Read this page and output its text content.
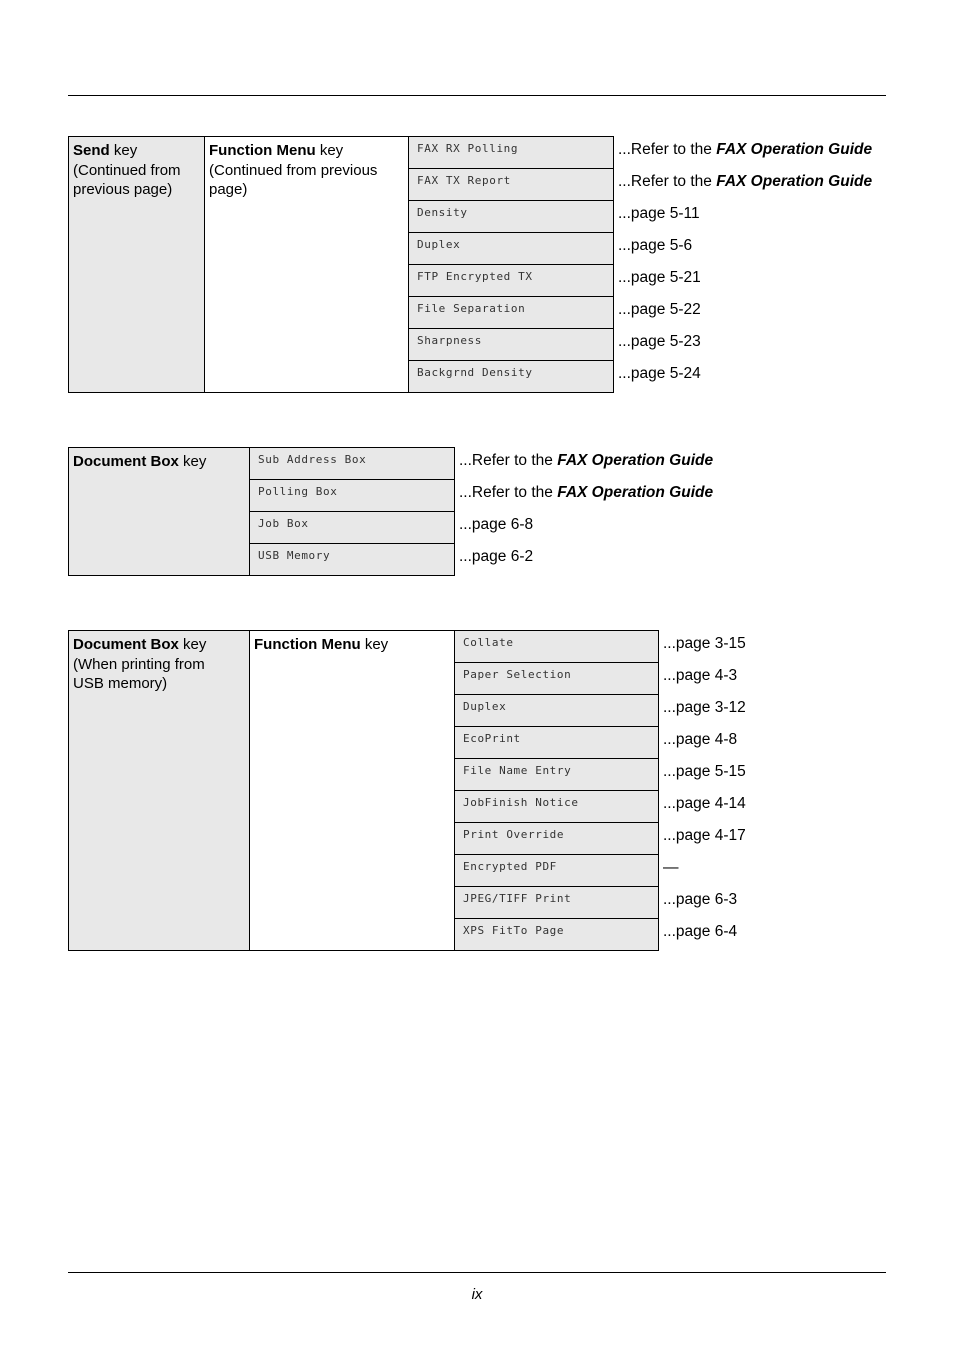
Send key
(Continued from
previous page)
Function Menu key
(Continued from previous
page)
FAX RX Polling	...Refer to the FAX Operation Guide
FAX TX Report	...Refer to the FAX Operation Guide
Density	...page 5-11
Duplex	...page 5-6
FTP Encrypted TX	...page 5-21
File Separation	...page 5-22
Sharpness	...page 5-23
Backgrnd Density	...page 5-24
Document Box key	Sub Address Box	...Refer to the FAX Operation Guide
Polling Box	...Refer to the FAX Operation Guide
Job Box	...page 6-8
USB Memory	...page 6-2
Document Box key
(When printing from
USB memory)
Function Menu key	Collate	...page 3-15
Paper Selection	...page 4-3
Duplex	...page 3-12
EcoPrint	...page 4-8
File Name Entry	...page 5-15
JobFinish Notice	...page 4-14
Print Override	...page 4-17
Encrypted PDF	—
JPEG/TIFF Print	...page 6-3
XPS FitTo Page	...page 6-4
ix
